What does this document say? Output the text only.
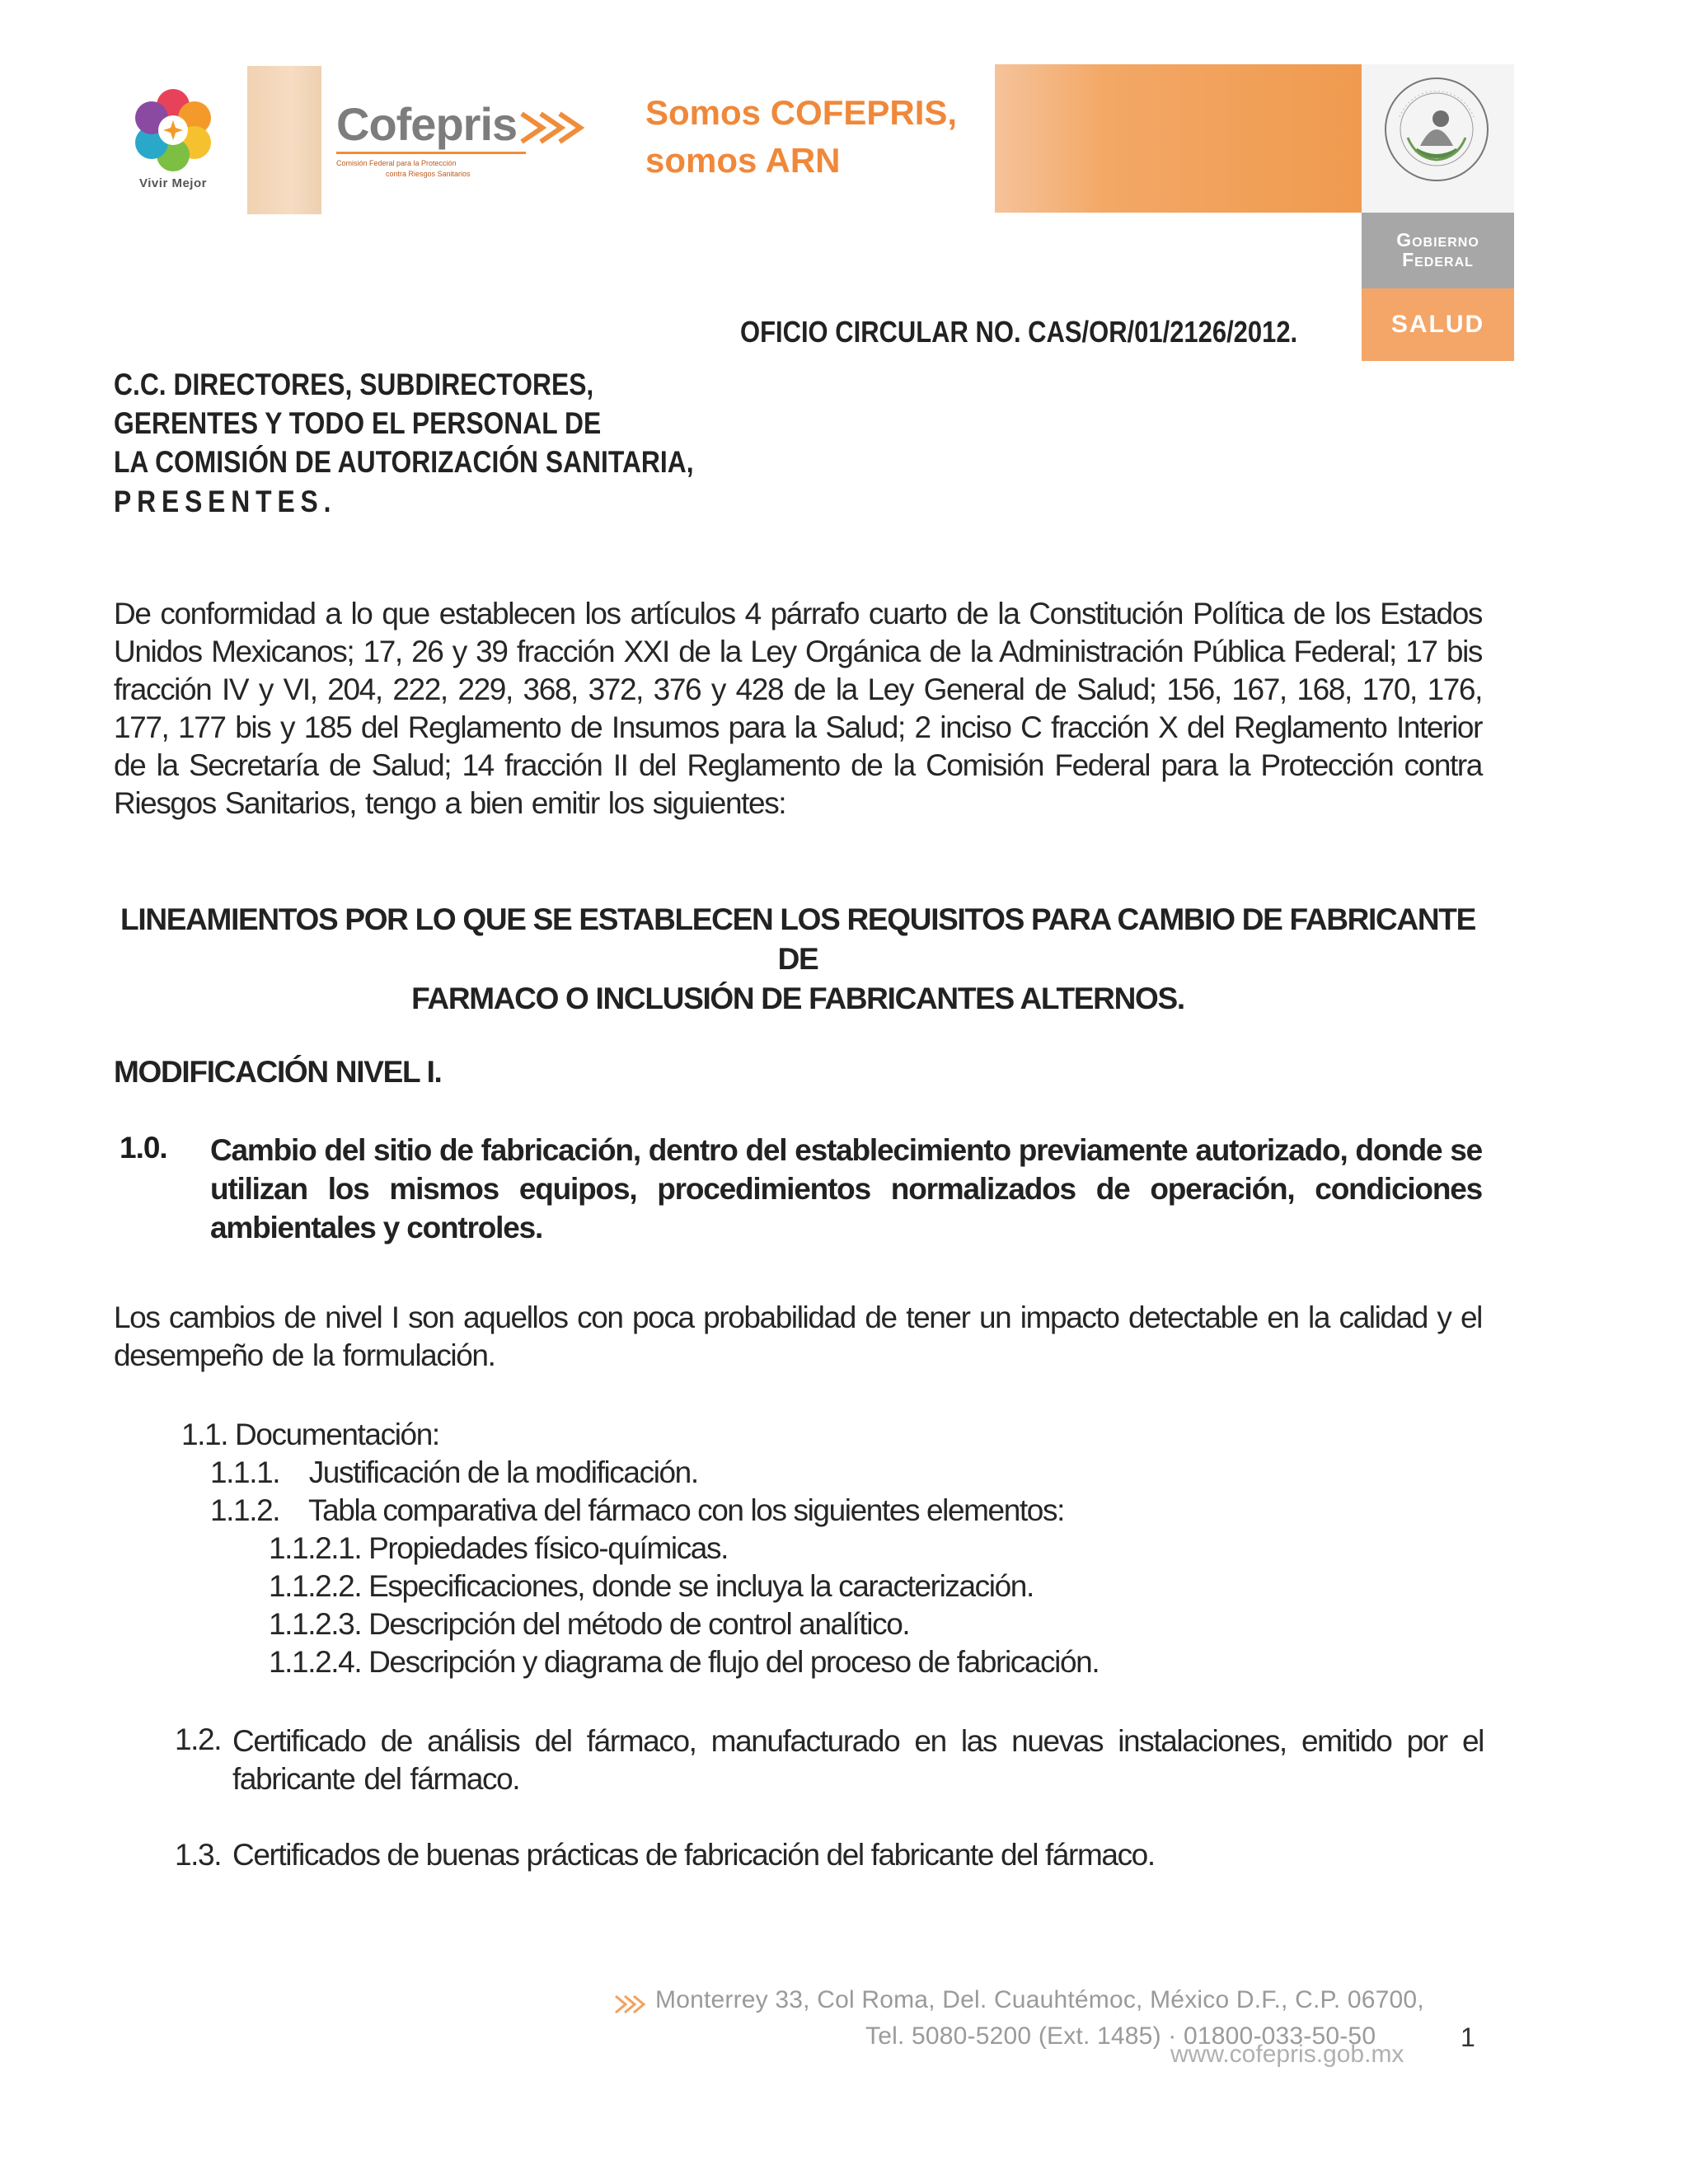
Vivir Mejor
Cofepris
Comisión Federal para la Protección
contra Riesgos Sanitarios
Somos COFEPRIS,
somos ARN
Gobierno
Federal
SALUD
OFICIO CIRCULAR NO. CAS/OR/01/2126/2012.
C.C. DIRECTORES, SUBDIRECTORES,
GERENTES Y TODO EL PERSONAL DE
LA COMISIÓN DE AUTORIZACIÓN SANITARIA,
PRESENTES.
De conformidad a lo que establecen los artículos 4 párrafo cuarto de la Constitución Política de los Estados Unidos Mexicanos; 17, 26 y 39 fracción XXI de la Ley Orgánica de la Administración Pública Federal; 17 bis fracción IV y VI, 204, 222, 229, 368, 372, 376 y 428 de la Ley General de Salud; 156, 167, 168, 170, 176, 177, 177 bis y 185 del Reglamento de Insumos para la Salud; 2 inciso C fracción X del Reglamento Interior de la Secretaría de Salud; 14 fracción II del Reglamento de la Comisión Federal para la Protección contra Riesgos Sanitarios, tengo a bien emitir los siguientes:
LINEAMIENTOS POR LO QUE SE ESTABLECEN LOS REQUISITOS PARA CAMBIO DE FABRICANTE DE
FARMACO O INCLUSIÓN DE FABRICANTES ALTERNOS.
MODIFICACIÓN NIVEL I.
1.0. Cambio del sitio de fabricación, dentro del establecimiento previamente autorizado, donde se utilizan los mismos equipos, procedimientos normalizados de operación, condiciones ambientales y controles.
Los cambios de nivel I son aquellos con poca probabilidad de tener un impacto detectable en la calidad y el desempeño de la formulación.
1.1. Documentación:
1.1.1.    Justificación de la modificación.
1.1.2.    Tabla comparativa del fármaco con los siguientes elementos:
1.1.2.1. Propiedades físico-químicas.
1.1.2.2. Especificaciones, donde se incluya la caracterización.
1.1.2.3. Descripción del método de control analítico.
1.1.2.4. Descripción y diagrama de flujo del proceso de fabricación.
1.2. Certificado de análisis del fármaco, manufacturado en las nuevas instalaciones, emitido por el fabricante del fármaco.
1.3. Certificados de buenas prácticas de fabricación del fabricante del fármaco.
Monterrey 33, Col Roma, Del. Cuauhtémoc, México D.F., C.P. 06700,
Tel. 5080-5200 (Ext. 1485) · 01800-033-50-50
www.cofepris.gob.mx
1
